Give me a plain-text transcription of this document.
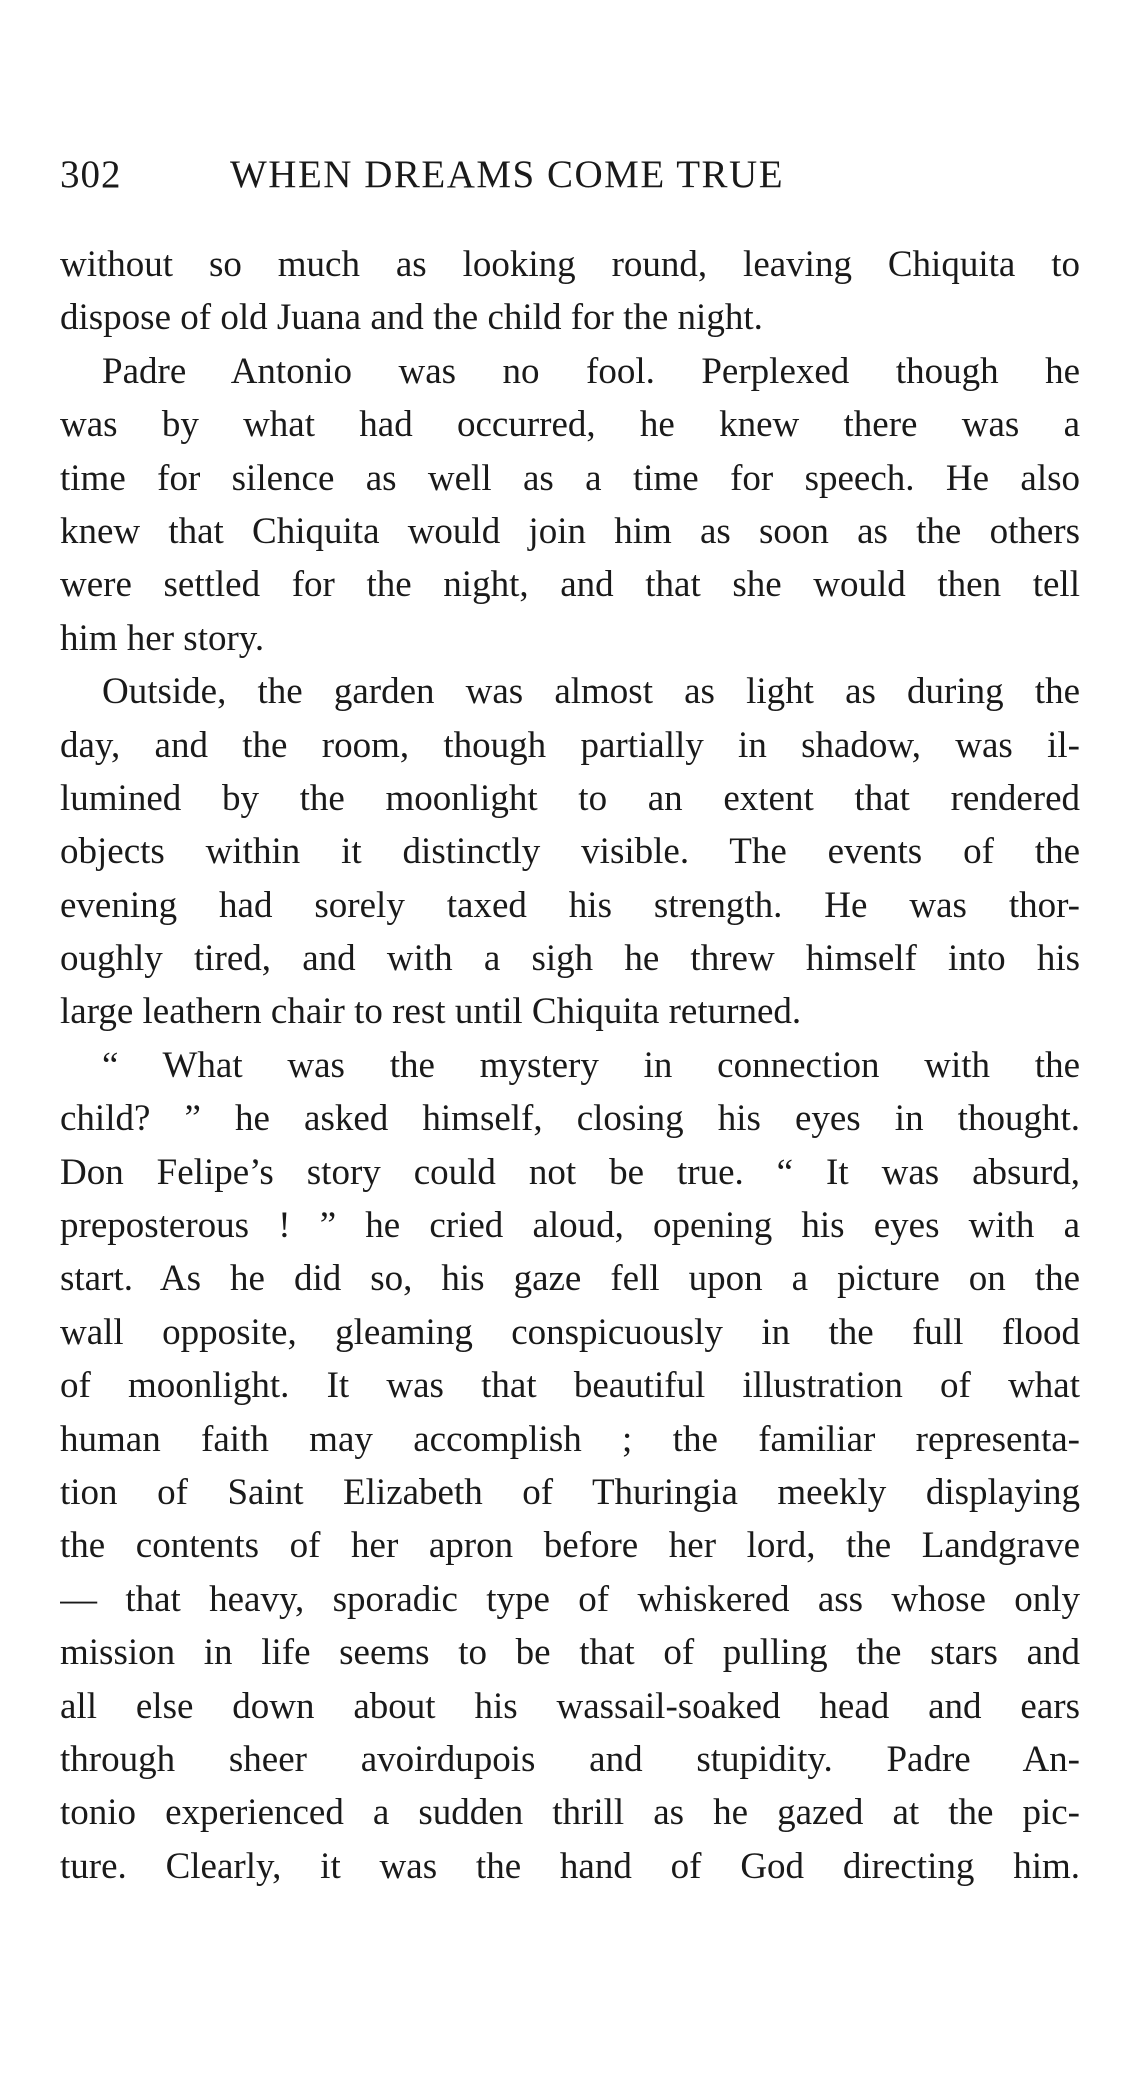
302	WHEN DREAMS COME TRUE
without so much as looking round, leaving Chiquita to
dispose of old Juana and the child for the night.
Padre Antonio was no fool. Perplexed though he
was by what had occurred, he knew there was a
time for silence as well as a time for speech. He also
knew that Chiquita would join him as soon as the others
were settled for the night, and that she would then tell
him her story.
Outside, the garden was almost as light as during the
day, and the room, though partially in shadow, was il-
lumined by the moonlight to an extent that rendered
objects within it distinctly visible. The events of the
evening had sorely taxed his strength. He was thor-
oughly tired, and with a sigh he threw himself into his
large leathern chair to rest until Chiquita returned.
“ What was the mystery in connection with the
child? ” he asked himself, closing his eyes in thought.
Don Felipe’s story could not be true. “ It was absurd,
preposterous ! ” he cried aloud, opening his eyes with a
start. As he did so, his gaze fell upon a picture on the
wall opposite, gleaming conspicuously in the full flood
of moonlight. It was that beautiful illustration of what
human faith may accomplish ; the familiar representa-
tion of Saint Elizabeth of Thuringia meekly displaying
the contents of her apron before her lord, the Landgrave
— that heavy, sporadic type of whiskered ass whose only
mission in life seems to be that of pulling the stars and
all else down about his wassail-soaked head and ears
through sheer avoirdupois and stupidity. Padre An-
tonio experienced a sudden thrill as he gazed at the pic-
ture. Clearly, it was the hand of God directing him.
